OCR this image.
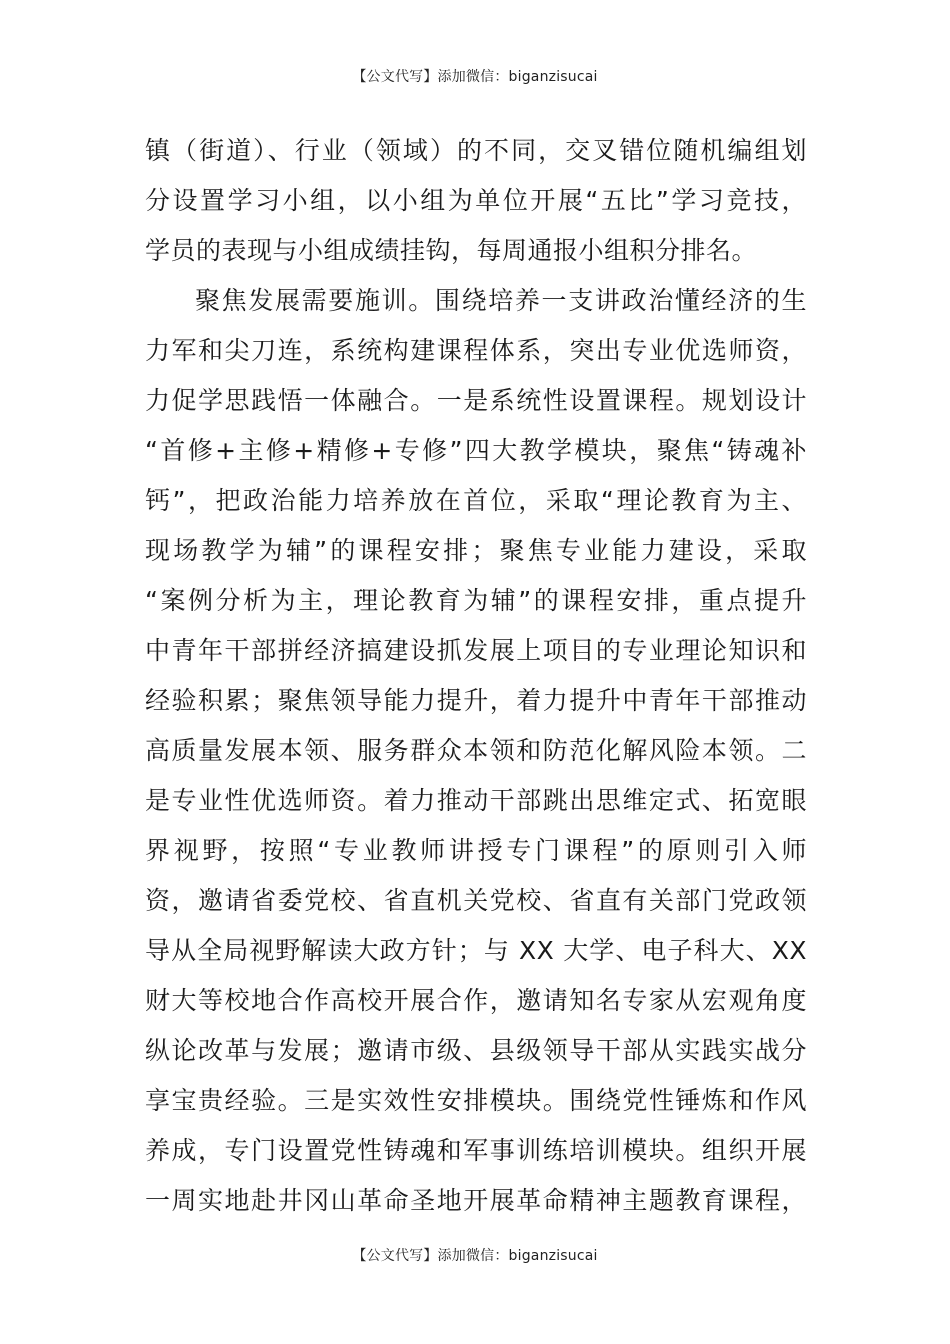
【公文代写】添加微信：biganzisucai
镇（街道）、行业（领域）的不同，交叉错位随机编组划
分设置学习小组，以小组为单位开展“五比”学习竞技，
学员的表现与小组成绩挂钩，每周通报小组积分排名。
聚焦发展需要施训。围绕培养一支讲政治懂经济的生
力军和尖刀连，系统构建课程体系，突出专业优选师资，
力促学思践悟一体融合。一是系统性设置课程。规划设计
“首修+主修+精修+专修”四大教学模块，聚焦“铸魂补
钙”，把政治能力培养放在首位，采取“理论教育为主、
现场教学为辅”的课程安排；聚焦专业能力建设，采取
“案例分析为主，理论教育为辅”的课程安排，重点提升
中青年干部拼经济搞建设抓发展上项目的专业理论知识和
经验积累；聚焦领导能力提升，着力提升中青年干部推动
高质量发展本领、服务群众本领和防范化解风险本领。二
是专业性优选师资。着力推动干部跳出思维定式、拓宽眼
界视野，按照“专业教师讲授专门课程”的原则引入师
资，邀请省委党校、省直机关党校、省直有关部门党政领
导从全局视野解读大政方针；与 XX 大学、电子科大、XX
财大等校地合作高校开展合作，邀请知名专家从宏观角度
纵论改革与发展；邀请市级、县级领导干部从实践实战分
享宝贵经验。三是实效性安排模块。围绕党性锤炼和作风
养成，专门设置党性铸魂和军事训练培训模块。组织开展
一周实地赴井冈山革命圣地开展革命精神主题教育课程，
【公文代写】添加微信：biganzisucai
